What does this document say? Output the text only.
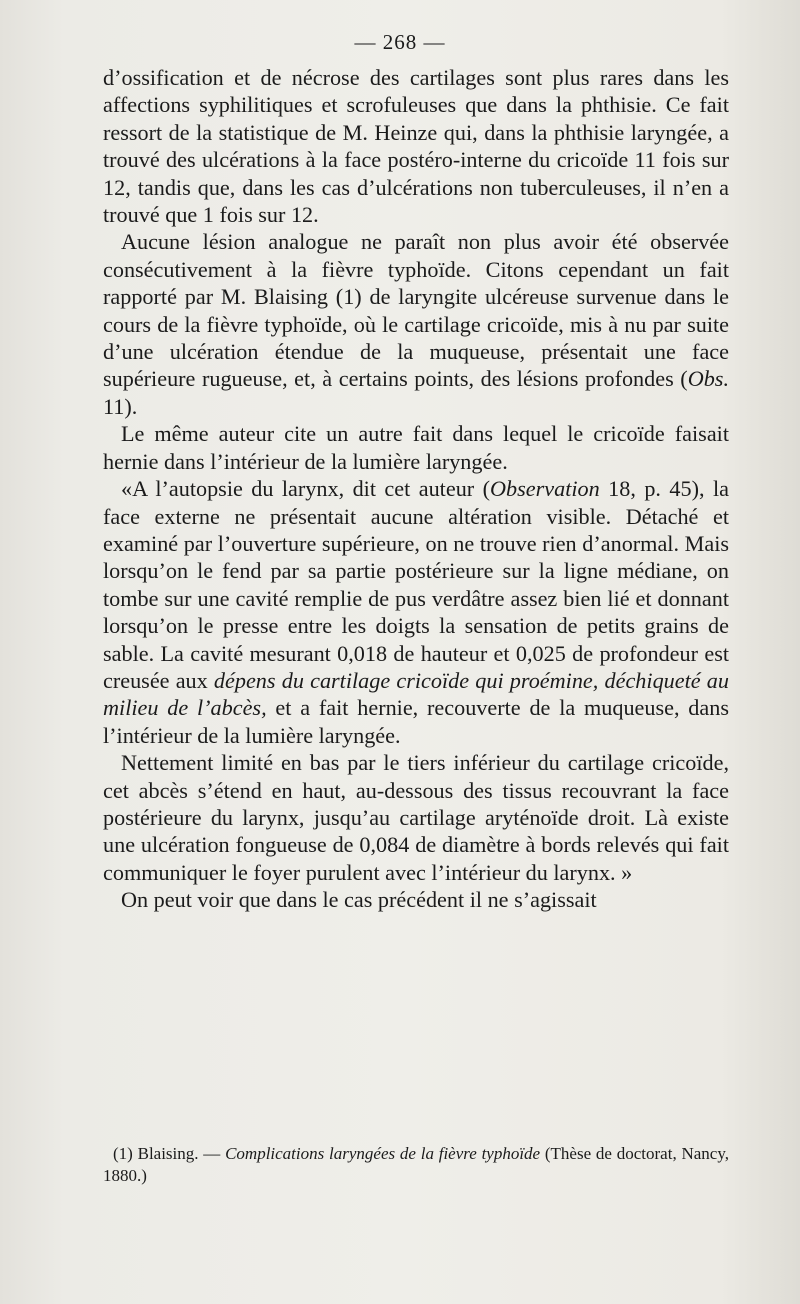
— 268 —

d’ossification et de nécrose des cartilages sont plus rares dans les affections syphilitiques et scrofuleuses que dans la phthisie. Ce fait ressort de la statistique de M. Heinze qui, dans la phthisie laryngée, a trouvé des ulcérations à la face postéro-interne du cricoïde 11 fois sur 12, tandis que, dans les cas d’ulcérations non tuberculeuses, il n’en a trouvé que 1 fois sur 12.

Aucune lésion analogue ne paraît non plus avoir été observée consécutivement à la fièvre typhoïde. Citons cependant un fait rapporté par M. Blaising (1) de laryngite ulcéreuse survenue dans le cours de la fièvre typhoïde, où le cartilage cricoïde, mis à nu par suite d’une ulcération étendue de la muqueuse, présentait une face supérieure rugueuse, et, à certains points, des lésions profondes (Obs. 11).

Le même auteur cite un autre fait dans lequel le cricoïde faisait hernie dans l’intérieur de la lumière laryngée.

«A l’autopsie du larynx, dit cet auteur (Observation 18, p. 45), la face externe ne présentait aucune altération visible. Détaché et examiné par l’ouverture supérieure, on ne trouve rien d’anormal. Mais lorsqu’on le fend par sa partie postérieure sur la ligne médiane, on tombe sur une cavité remplie de pus verdâtre assez bien lié et donnant lorsqu’on le presse entre les doigts la sensation de petits grains de sable. La cavité mesurant 0,018 de hauteur et 0,025 de profondeur est creusée aux dépens du cartilage cricoïde qui proémine, déchiqueté au milieu de l’abcès, et a fait hernie, recouverte de la muqueuse, dans l’intérieur de la lumière laryngée.

Nettement limité en bas par le tiers inférieur du cartilage cricoïde, cet abcès s’étend en haut, au-dessous des tissus recouvrant la face postérieure du larynx, jusqu’au cartilage aryténoïde droit. Là existe une ulcération fongueuse de 0,084 de diamètre à bords relevés qui fait communiquer le foyer purulent avec l’intérieur du larynx. »

On peut voir que dans le cas précédent il ne s’agissait

(1) Blaising. — Complications laryngées de la fièvre typhoïde (Thèse de doctorat, Nancy, 1880.)
